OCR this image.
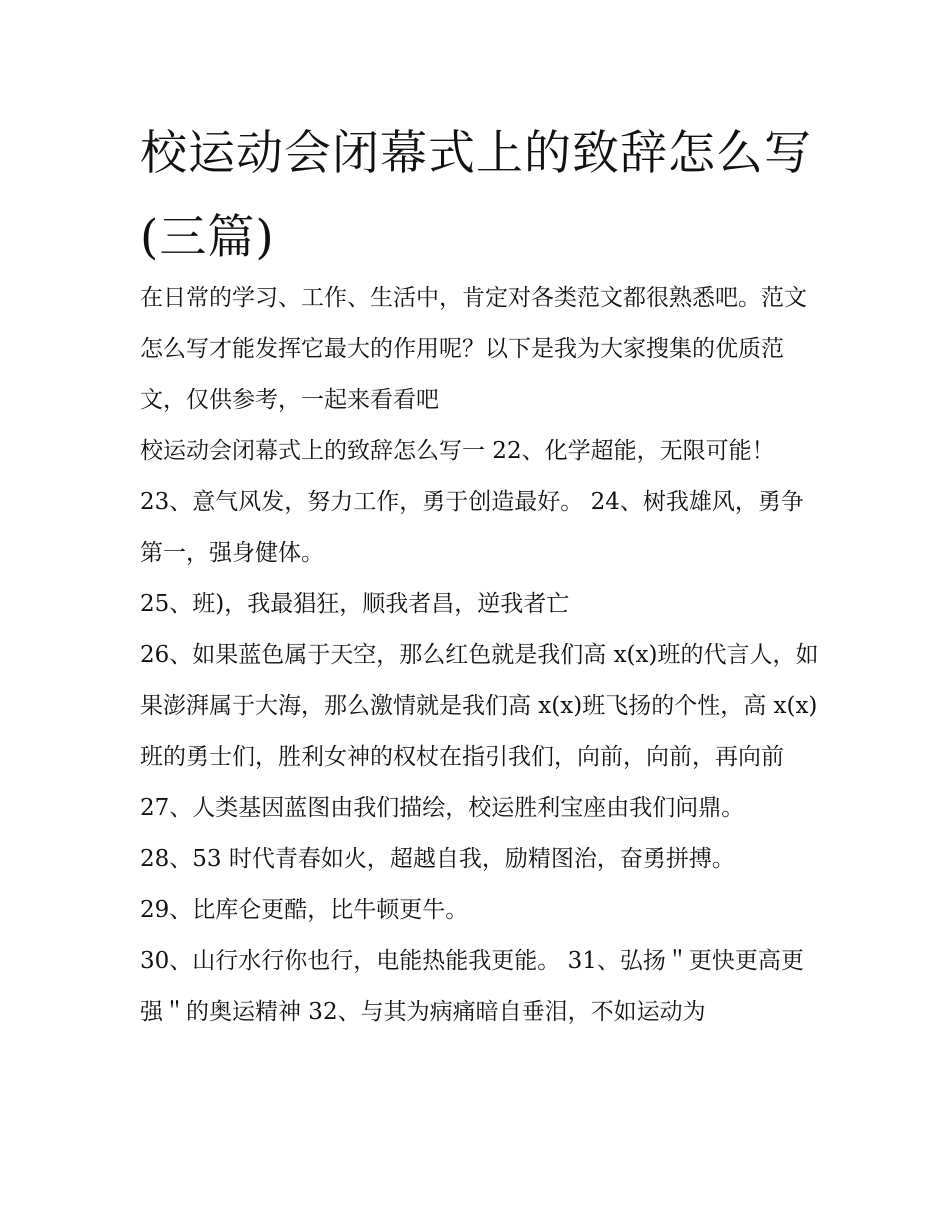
校运动会闭幕式上的致辞怎么写(三篇)

在日常的学习、工作、生活中，肯定对各类范文都很熟悉吧。范文怎么写才能发挥它最大的作用呢？以下是我为大家搜集的优质范文，仅供参考，一起来看看吧

校运动会闭幕式上的致辞怎么写一 22、化学超能，无限可能！ 23、意气风发，努力工作，勇于创造最好。 24、树我雄风，勇争第一，强身健体。

25、班)，我最猖狂，顺我者昌，逆我者亡

26、如果蓝色属于天空，那么红色就是我们高 x(x)班的代言人，如果澎湃属于大海，那么激情就是我们高 x(x)班飞扬的个性，高 x(x)班的勇士们，胜利女神的权杖在指引我们，向前，向前，再向前

27、人类基因蓝图由我们描绘，校运胜利宝座由我们问鼎。

28、53 时代青春如火，超越自我，励精图治，奋勇拼搏。

29、比库仑更酷，比牛顿更牛。

30、山行水行你也行，电能热能我更能。 31、弘扬＂更快更高更强＂的奥运精神 32、与其为病痛暗自垂泪，不如运动为
